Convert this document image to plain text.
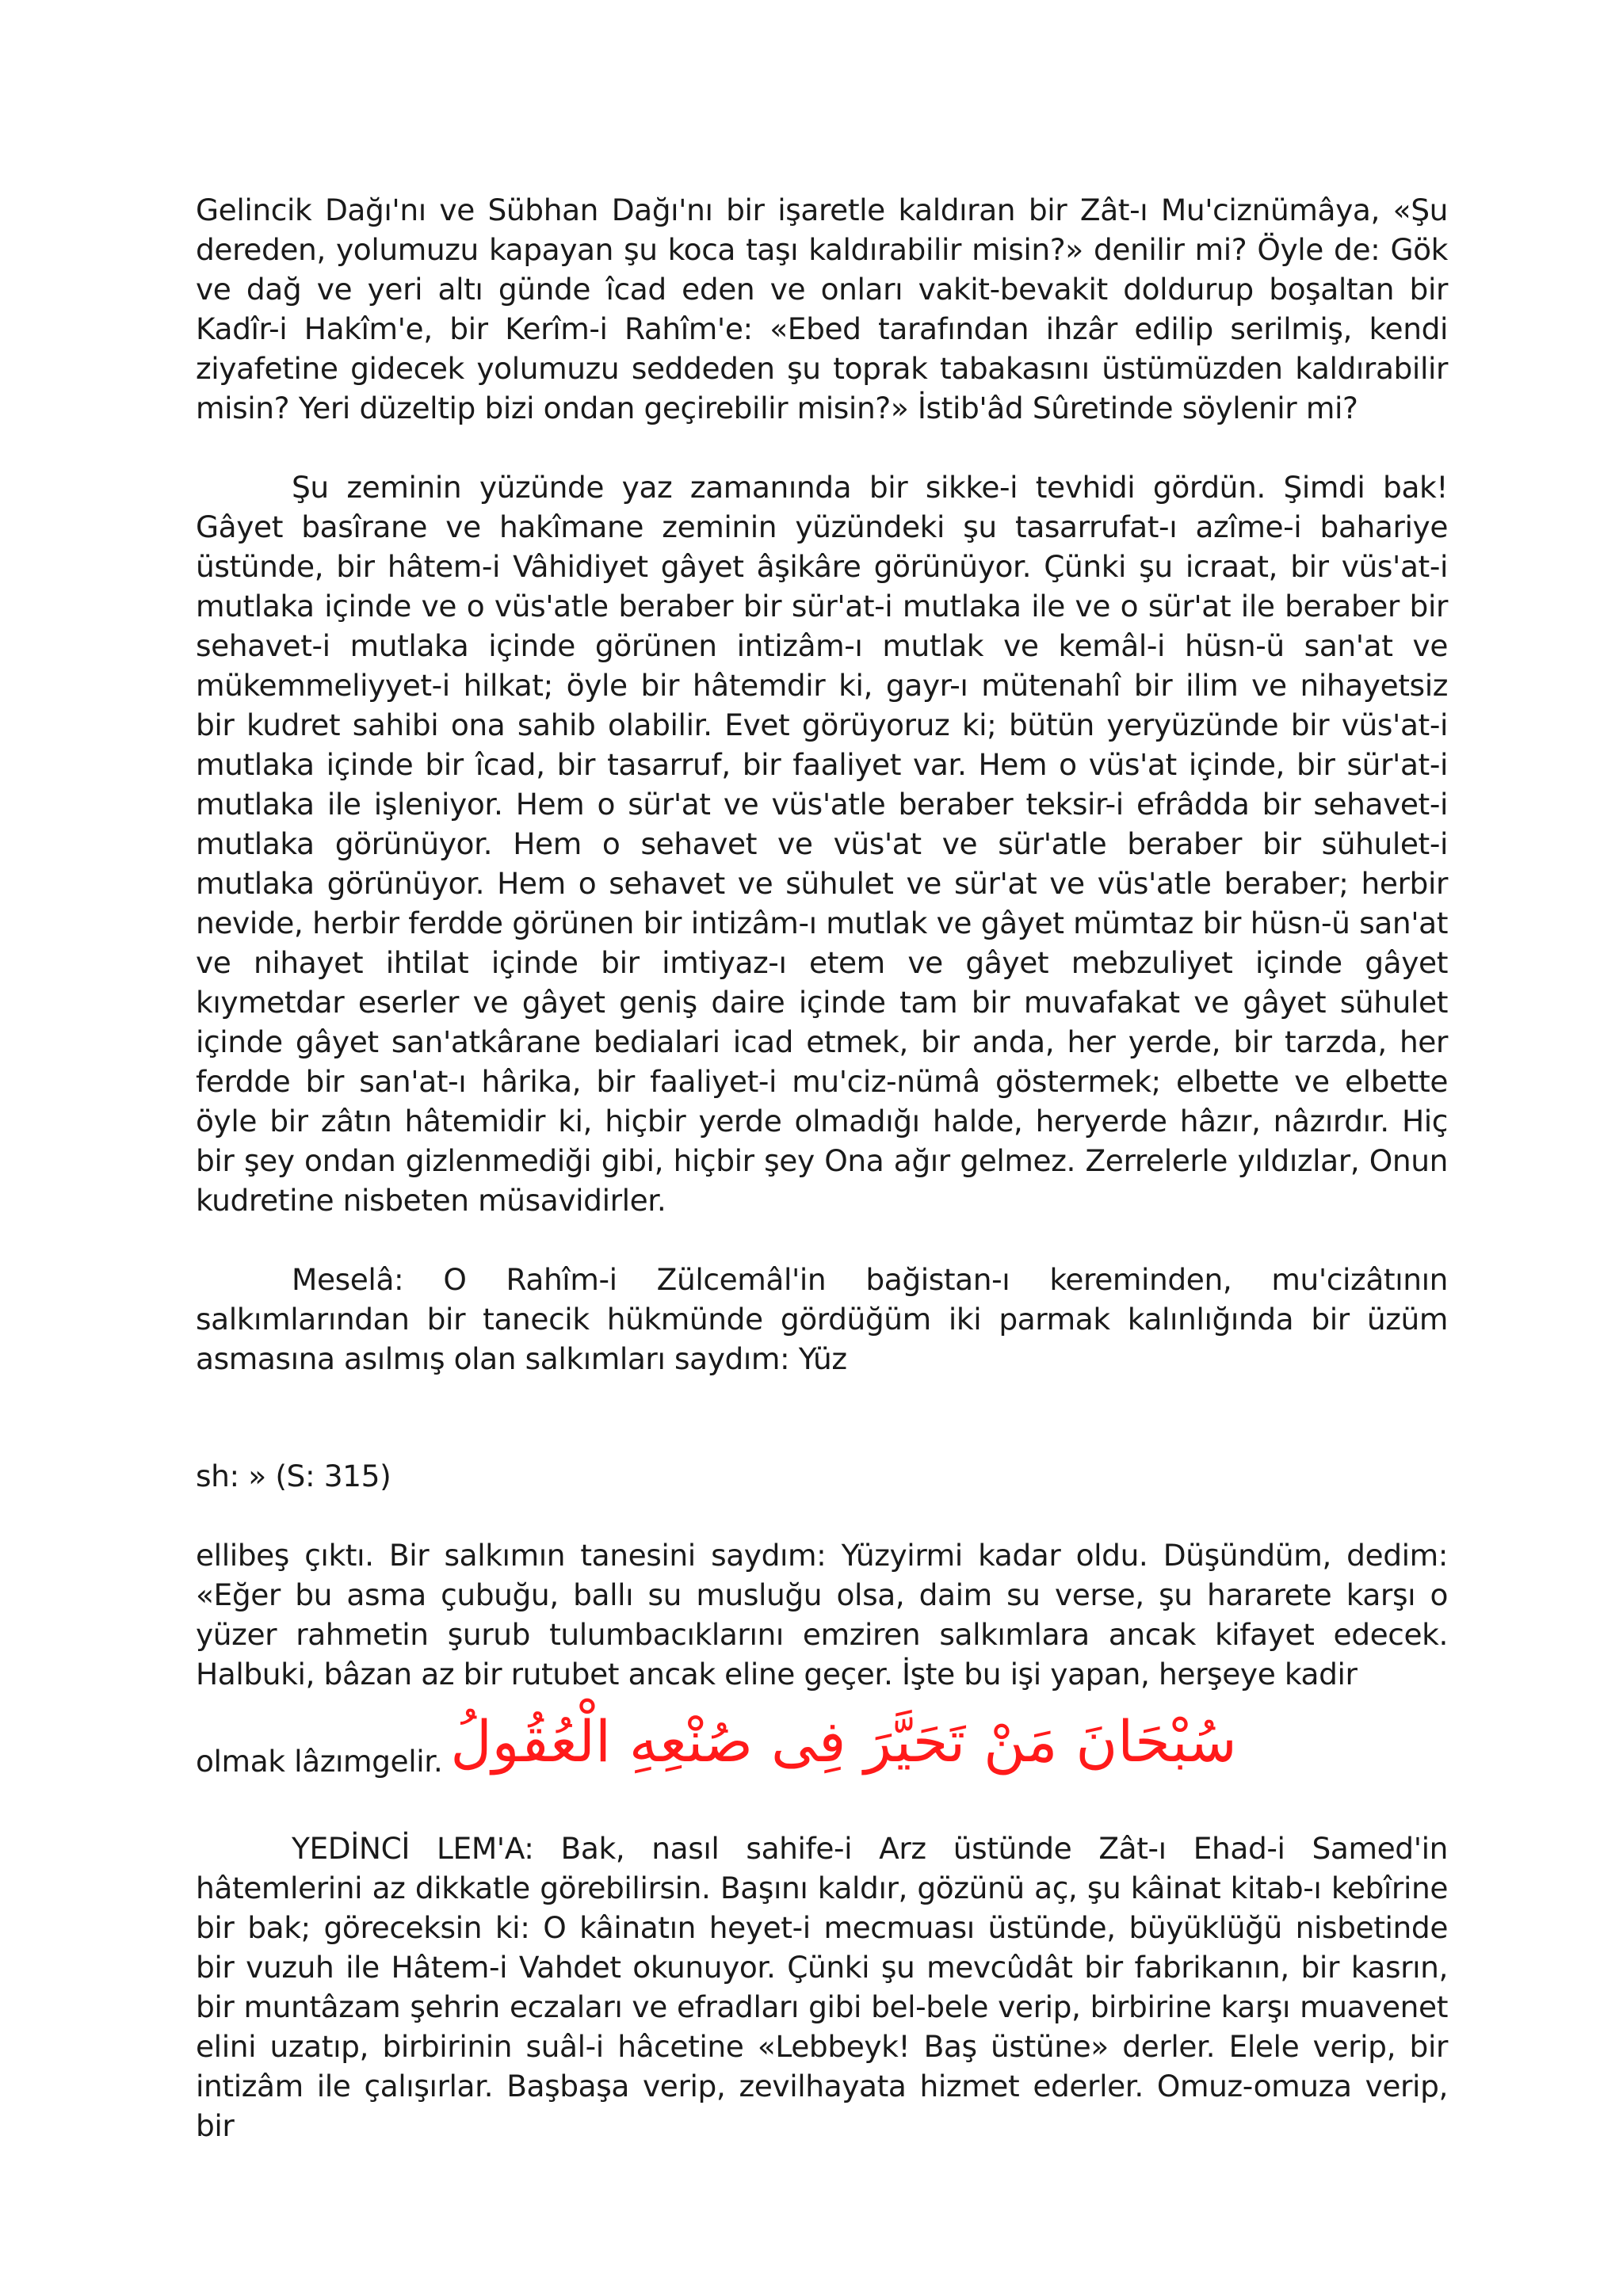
Gelincik Dağı'nı ve Sübhan Dağı'nı bir işaretle kaldıran bir Zât-ı Mu'ciznümâya, «Şu dereden, yolumuzu kapayan şu koca taşı kaldırabilir misin?» denilir mi? Öyle de: Gök ve dağ ve yeri altı günde îcad eden ve onları vakit-bevakit doldurup boşaltan bir Kadîr-i Hakîm'e, bir Kerîm-i Rahîm'e: «Ebed tarafından ihzâr edilip serilmiş, kendi ziyafetine gidecek yolumuzu seddeden şu toprak tabakasını üstümüzden kaldırabilir misin? Yeri düzeltip bizi ondan geçirebilir misin?» İstib'âd Sûretinde söylenir mi?

Şu zeminin yüzünde yaz zamanında bir sikke-i tevhidi gördün. Şimdi bak! Gâyet basîrane ve hakîmane zeminin yüzündeki şu tasarrufat-ı azîme-i bahariye üstünde, bir hâtem-i Vâhidiyet gâyet âşikâre görünüyor. Çünki şu icraat, bir vüs'at-i mutlaka içinde ve o vüs'atle beraber bir sür'at-i mutlaka ile ve o sür'at ile beraber bir sehavet-i mutlaka içinde görünen intizâm-ı mutlak ve kemâl-i hüsn-ü san'at ve mükemmeliyyet-i hilkat; öyle bir hâtemdir ki, gayr-ı mütenahî bir ilim ve nihayetsiz bir kudret sahibi ona sahib olabilir. Evet görüyoruz ki; bütün yeryüzünde bir vüs'at-i mutlaka içinde bir îcad, bir tasarruf, bir faaliyet var. Hem o vüs'at içinde, bir sür'at-i mutlaka ile işleniyor. Hem o sür'at ve vüs'atle beraber teksir-i efrâdda bir sehavet-i mutlaka görünüyor. Hem o sehavet ve vüs'at ve sür'atle beraber bir sühulet-i mutlaka görünüyor. Hem o sehavet ve sühulet ve sür'at ve vüs'atle beraber; herbir nevide, herbir ferdde görünen bir intizâm-ı mutlak ve gâyet mümtaz bir hüsn-ü san'at ve nihayet ihtilat içinde bir imtiyaz-ı etem ve gâyet mebzuliyet içinde gâyet kıymetdar eserler ve gâyet geniş daire içinde tam bir muvafakat ve gâyet sühulet içinde gâyet san'atkârane bedialari icad etmek, bir anda, her yerde, bir tarzda, her ferdde bir san'at-ı hârika, bir faaliyet-i mu'ciz-nümâ göstermek; elbette ve elbette öyle bir zâtın hâtemidir ki, hiçbir yerde olmadığı halde, heryerde hâzır, nâzırdır. Hiç bir şey ondan gizlenmediği gibi, hiçbir şey Ona ağır gelmez. Zerrelerle yıldızlar, Onun kudretine nisbeten müsavidirler.

Meselâ: O Rahîm-i Zülcemâl'in bağistan-ı kereminden, mu'cizâtının salkımlarından bir tanecik hükmünde gördüğüm iki parmak kalınlığında bir üzüm asmasına asılmış olan salkımları saydım: Yüz

sh: » (S: 315)

ellibeş çıktı. Bir salkımın tanesini saydım: Yüzyirmi kadar oldu. Düşündüm, dedim: «Eğer bu asma çubuğu, ballı su musluğu olsa, daim su verse, şu hararete karşı o yüzer rahmetin şurub tulumbacıklarını emziren salkımlara ancak kifayet edecek. Halbuki, bâzan az bir rutubet ancak eline geçer. İşte bu işi yapan, herşeye kadir

olmak lâzımgelir. سُبْحَانَ مَنْ تَحَيَّرَ فِى صُنْعِهِ الْعُقُولُ

YEDİNCİ LEM'A: Bak, nasıl sahife-i Arz üstünde Zât-ı Ehad-i Samed'in hâtemlerini az dikkatle görebilirsin. Başını kaldır, gözünü aç, şu kâinat kitab-ı kebîrine bir bak; göreceksin ki: O kâinatın heyet-i mecmuası üstünde, büyüklüğü nisbetinde bir vuzuh ile Hâtem-i Vahdet okunuyor. Çünki şu mevcûdât bir fabrikanın, bir kasrın, bir muntâzam şehrin eczaları ve efradları gibi bel-bele verip, birbirine karşı muavenet elini uzatıp, birbirinin suâl-i hâcetine «Lebbeyk! Baş üstüne» derler. Elele verip, bir intizâm ile çalışırlar. Başbaşa verip, zevilhayata hizmet ederler. Omuz-omuza verip, bir
